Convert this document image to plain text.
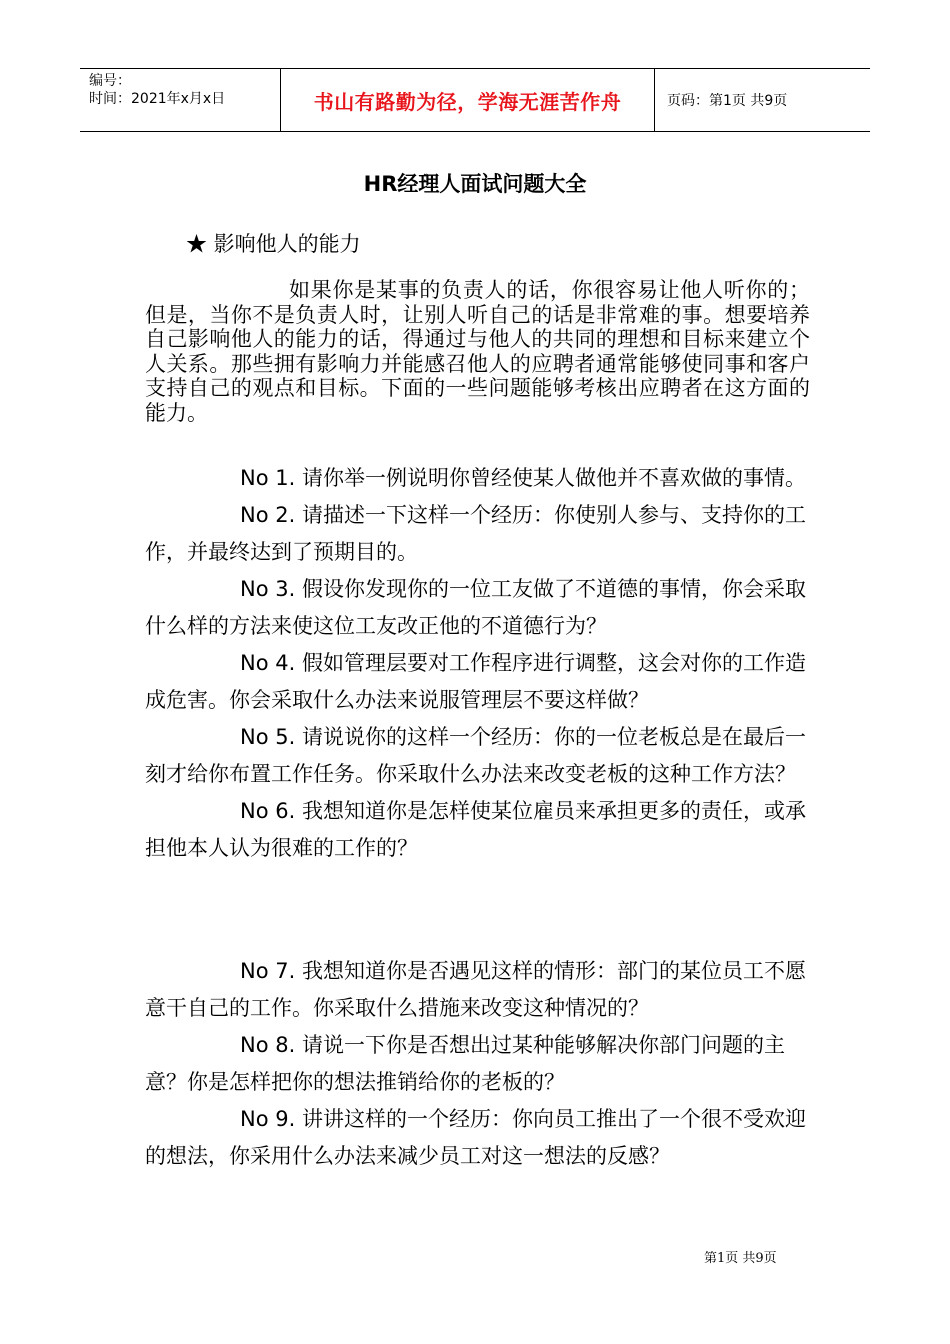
编号：
时间：2021年x月x日	书山有路勤为径，学海无涯苦作舟	页码：第1页 共9页
HR经理人面试问题大全
★ 影响他人的能力
如果你是某事的负责人的话，你很容易让他人听你的；但是，当你不是负责人时，让别人听自己的话是非常难的事。想要培养自己影响他人的能力的话，得通过与他人的共同的理想和目标来建立个人关系。那些拥有影响力并能感召他人的应聘者通常能够使同事和客户支持自己的观点和目标。下面的一些问题能够考核出应聘者在这方面的能力。
No 1. 请你举一例说明你曾经使某人做他并不喜欢做的事情。
No 2. 请描述一下这样一个经历：你使别人参与、支持你的工作，并最终达到了预期目的。
No 3. 假设你发现你的一位工友做了不道德的事情，你会采取什么样的方法来使这位工友改正他的不道德行为？
No 4. 假如管理层要对工作程序进行调整，这会对你的工作造成危害。你会采取什么办法来说服管理层不要这样做？
No 5. 请说说你的这样一个经历：你的一位老板总是在最后一刻才给你布置工作任务。你采取什么办法来改变老板的这种工作方法？
No 6. 我想知道你是怎样使某位雇员来承担更多的责任，或承担他本人认为很难的工作的？
No 7. 我想知道你是否遇见这样的情形：部门的某位员工不愿意干自己的工作。你采取什么措施来改变这种情况的？
No 8. 请说一下你是否想出过某种能够解决你部门问题的主意？你是怎样把你的想法推销给你的老板的？
No 9. 讲讲这样的一个经历：你向员工推出了一个很不受欢迎的想法，你采用什么办法来减少员工对这一想法的反感？
第1页 共9页
